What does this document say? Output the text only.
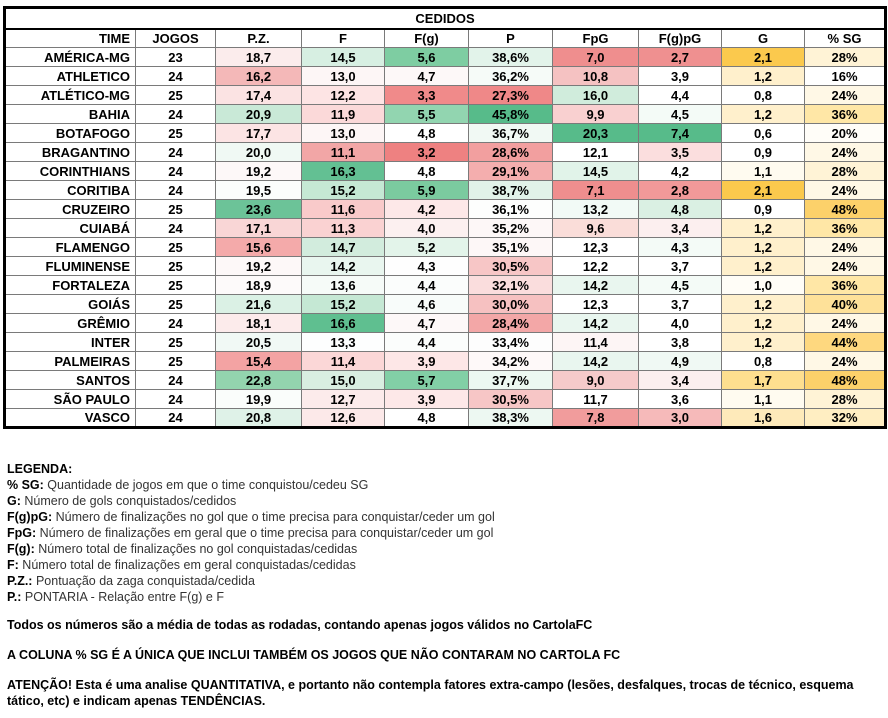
CEDIDOS									
TIME	JOGOS	P.Z.	F	F(g)	P	FpG	F(g)pG	G	% SG
AMÉRICA-MG	23	18,7	14,5	5,6	38,6%	7,0	2,7	2,1	28%
ATHLETICO	24	16,2	13,0	4,7	36,2%	10,8	3,9	1,2	16%
ATLÉTICO-MG	25	17,4	12,2	3,3	27,3%	16,0	4,4	0,8	24%
BAHIA	24	20,9	11,9	5,5	45,8%	9,9	4,5	1,2	36%
BOTAFOGO	25	17,7	13,0	4,8	36,7%	20,3	7,4	0,6	20%
BRAGANTINO	24	20,0	11,1	3,2	28,6%	12,1	3,5	0,9	24%
CORINTHIANS	24	19,2	16,3	4,8	29,1%	14,5	4,2	1,1	28%
CORITIBA	24	19,5	15,2	5,9	38,7%	7,1	2,8	2,1	24%
CRUZEIRO	25	23,6	11,6	4,2	36,1%	13,2	4,8	0,9	48%
CUIABÁ	24	17,1	11,3	4,0	35,2%	9,6	3,4	1,2	36%
FLAMENGO	25	15,6	14,7	5,2	35,1%	12,3	4,3	1,2	24%
FLUMINENSE	25	19,2	14,2	4,3	30,5%	12,2	3,7	1,2	24%
FORTALEZA	25	18,9	13,6	4,4	32,1%	14,2	4,5	1,0	36%
GOIÁS	25	21,6	15,2	4,6	30,0%	12,3	3,7	1,2	40%
GRÊMIO	24	18,1	16,6	4,7	28,4%	14,2	4,0	1,2	24%
INTER	25	20,5	13,3	4,4	33,4%	11,4	3,8	1,2	44%
PALMEIRAS	25	15,4	11,4	3,9	34,2%	14,2	4,9	0,8	24%
SANTOS	24	22,8	15,0	5,7	37,7%	9,0	3,4	1,7	48%
SÃO PAULO	24	19,9	12,7	3,9	30,5%	11,7	3,6	1,1	28%
VASCO	24	20,8	12,6	4,8	38,3%	7,8	3,0	1,6	32%
LEGENDA:
% SG: Quantidade de jogos em que o time conquistou/cedeu SG
G: Número de gols conquistados/cedidos
F(g)pG: Número de finalizações no gol que o time precisa para conquistar/ceder um gol
FpG: Número de finalizações em geral que o time precisa para conquistar/ceder um gol
F(g): Número total de finalizações no gol conquistadas/cedidas
F: Número total de finalizações em geral conquistadas/cedidas
P.Z.: Pontuação da zaga conquistada/cedida
P.: PONTARIA - Relação entre F(g) e F
Todos os números são a média de todas as rodadas, contando apenas jogos válidos no CartolaFC
A COLUNA % SG É A ÚNICA QUE INCLUI TAMBÉM OS JOGOS QUE NÃO CONTARAM NO CARTOLA FC
ATENÇÃO! Esta é uma analise QUANTITATIVA, e portanto não contempla fatores extra-campo (lesões, desfalques, trocas de técnico, esquema tático, etc) e indicam apenas TENDÊNCIAS.
